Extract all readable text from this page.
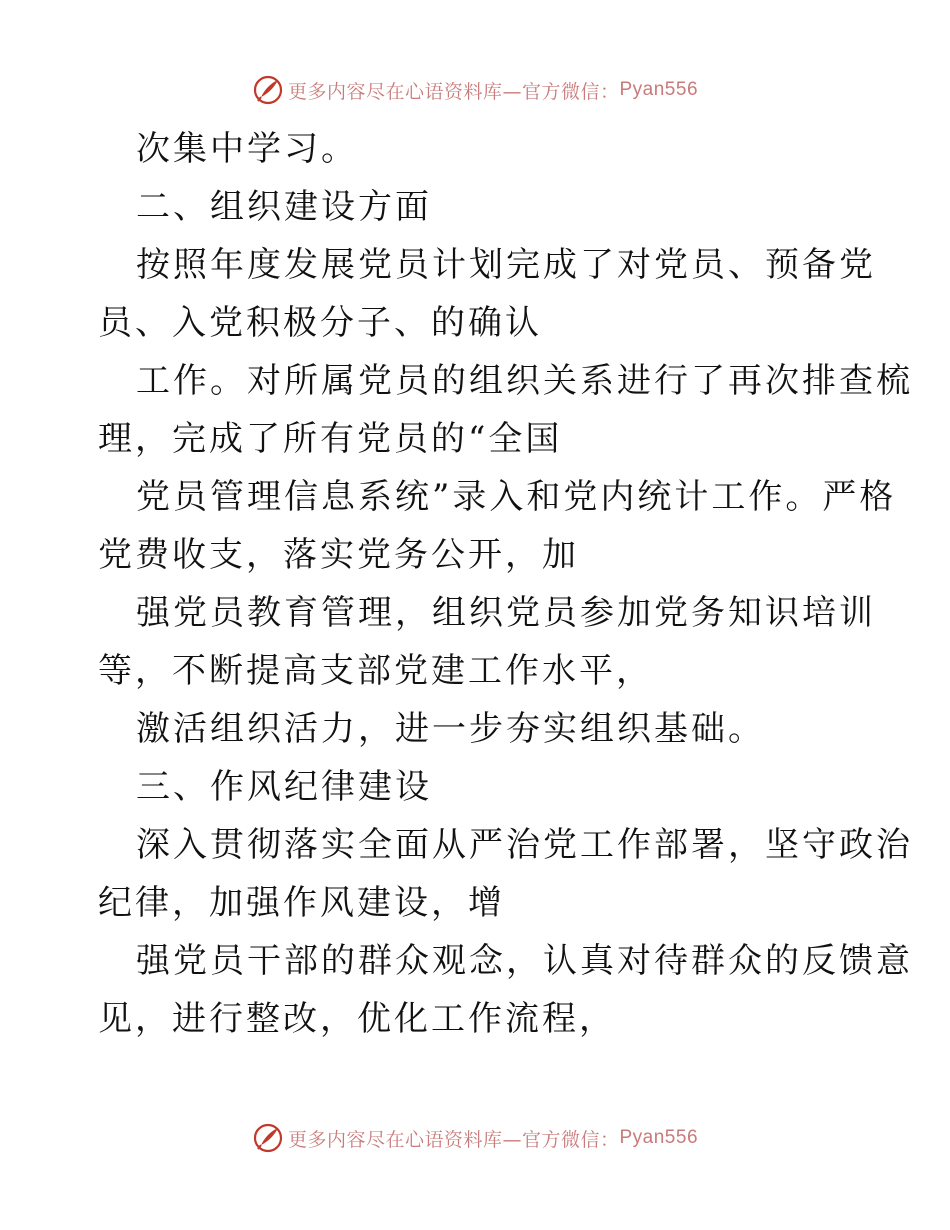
更多内容尽在心语资料库—官方微信： Pyan556
次集中学习。
二、组织建设方面
按照年度发展党员计划完成了对党员、预备党
员、入党积极分子、的确认
工作。对所属党员的组织关系进行了再次排查梳
理，完成了所有党员的“全国
党员管理信息系统”录入和党内统计工作。严格
党费收支，落实党务公开，加
强党员教育管理，组织党员参加党务知识培训
等，不断提高支部党建工作水平，
激活组织活力，进一步夯实组织基础。
三、作风纪律建设
深入贯彻落实全面从严治党工作部署，坚守政治
纪律，加强作风建设，增
强党员干部的群众观念，认真对待群众的反馈意
见，进行整改，优化工作流程，
更多内容尽在心语资料库—官方微信： Pyan556
